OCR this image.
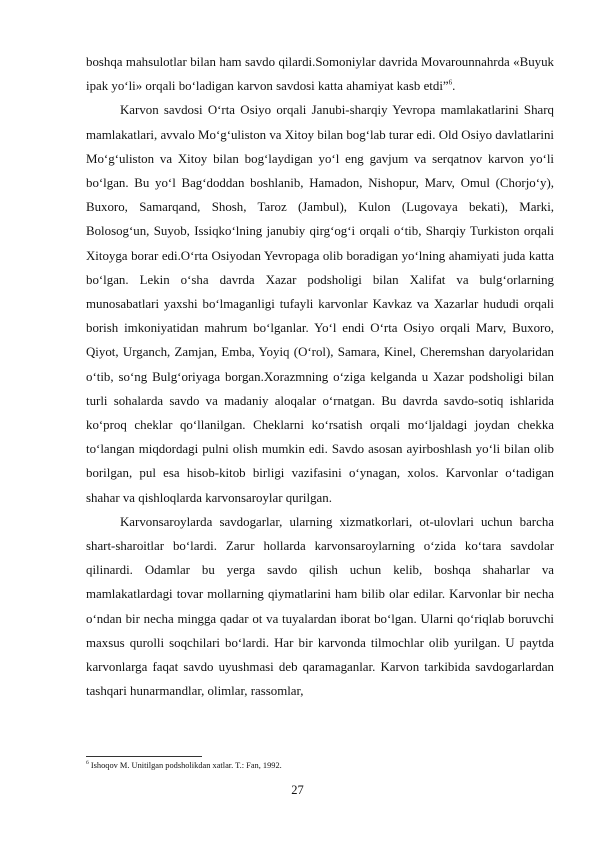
boshqa mahsulotlar bilan ham savdo qilardi.Somoniylar davrida Movarounnahrda «Buyuk ipak yo‘li» orqali bo‘ladigan karvon savdosi katta ahamiyat kasb etdi”$^6$.

Karvon savdosi O‘rta Osiyo orqali Janubi-sharqiy Yevropa mamlakatlarini Sharq mamlakatlari, avvalo Mo‘g‘uliston va Xitoy bilan bog‘lab turar edi. Old Osiyo davlatlarini Mo‘g‘uliston va Xitoy bilan bog‘laydigan yo‘l eng gavjum va serqatnov karvon yo‘li bo‘lgan. Bu yo‘l Bag‘doddan boshlanib, Hamadon, Nishopur, Marv, Omul (Chorjo‘y), Buxoro, Samarqand, Shosh, Taroz (Jambul), Kulon (Lugovaya bekati), Marki, Bolosog‘un, Suyob, Issiqko‘lning janubiy qirg‘og‘i orqali o‘tib, Sharqiy Turkiston orqali Xitoyga borar edi.O‘rta Osiyodan Yevropaga olib boradigan yo‘lning ahamiyati juda katta bo‘lgan. Lekin o‘sha davrda Xazar podsholigi bilan Xalifat va bulg‘orlarning munosabatlari yaxshi bo‘lmaganligi tufayli karvonlar Kavkaz va Xazarlar hududi orqali borish imkoniyatidan mahrum bo‘lganlar. Yo‘l endi O‘rta Osiyo orqali Marv, Buxoro, Qiyot, Urganch, Zamjan, Emba, Yoyiq (O‘rol), Samara, Kinel, Cheremshan daryolaridan o‘tib, so‘ng Bulg‘oriyaga borgan.Xorazmning o‘ziga kelganda u Xazar podsholigi bilan turli sohalarda savdo va madaniy aloqalar o‘rnatgan. Bu davrda savdo-sotiq ishlarida ko‘proq cheklar qo‘llanilgan. Cheklarni ko‘rsatish orqali mo‘ljaldagi joydan chekka to‘langan miqdordagi pulni olish mumkin edi. Savdo asosan ayirboshlash yo‘li bilan olib borilgan, pul esa hisob-kitob birligi vazifasini o‘ynagan, xolos. Karvonlar o‘tadigan shahar va qishloqlarda karvonsaroylar qurilgan.

Karvonsaroylarda savdogarlar, ularning xizmatkorlari, ot-ulovlari uchun barcha shart-sharoitlar bo‘lardi. Zarur hollarda karvonsaroylarning o‘zida ko‘tara savdolar qilinardi. Odamlar bu yerga savdo qilish uchun kelib, boshqa shaharlar va mamlakatlardagi tovar mollarning qiymatlarini ham bilib olar edilar. Karvonlar bir necha o‘ndan bir necha mingga qadar ot va tuyalardan iborat bo‘lgan. Ularni qo‘riqlab boruvchi maxsus qurolli soqchilari bo‘lardi. Har bir karvonda tilmochlar olib yurilgan. U paytda karvonlarga faqat savdo uyushmasi deb qaramaganlar. Karvon tarkibida savdogarlardan tashqari hunarmandlar, olimlar, rassomlar,

$^6$ Ishoqov M. Unitilgan podsholikdan xatlar. T.: Fan, 1992.
27
